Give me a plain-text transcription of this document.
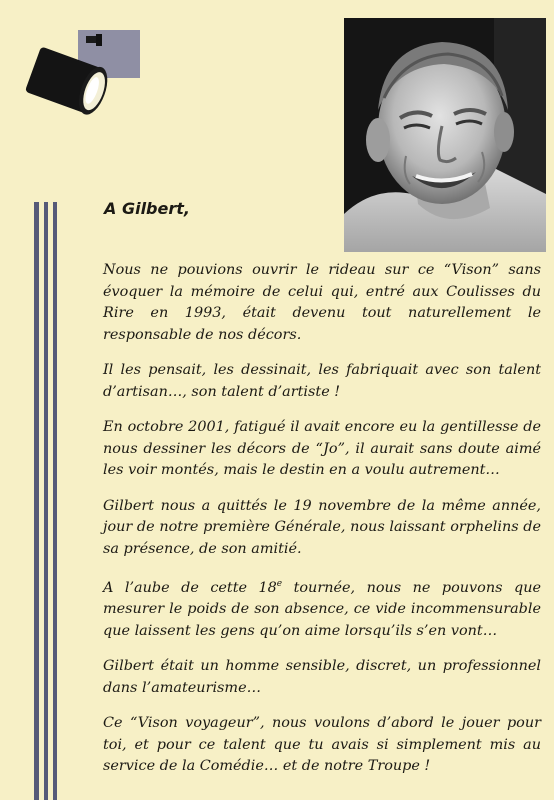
A Gilbert,

Nous ne pouvions ouvrir le rideau sur ce “Vison” sans évoquer la mémoire de celui qui, entré aux Coulisses du Rire en 1993, était devenu tout naturellement le responsable de nos décors.

Il les pensait, les dessinait, les fabriquait avec son talent d’artisan…, son talent d’artiste !

En octobre 2001, fatigué il avait encore eu la gentillesse de nous dessiner les décors de “Jo”, il aurait sans doute aimé les voir montés, mais le destin en a voulu autrement…

Gilbert nous a quittés le 19 novembre de la même année, jour de notre première Générale, nous laissant orphelins de sa présence, de son amitié.

A l’aube de cette 18e tournée, nous ne pouvons que mesurer le poids de son absence, ce vide incommensurable que laissent les gens qu’on aime lorsqu’ils s’en vont…

Gilbert était un homme sensible, discret, un professionnel dans l’amateurisme…

Ce “Vison voyageur”, nous voulons d’abord le jouer pour toi, et pour ce talent que tu avais si simplement mis au service de la Comédie… et de notre Troupe !
